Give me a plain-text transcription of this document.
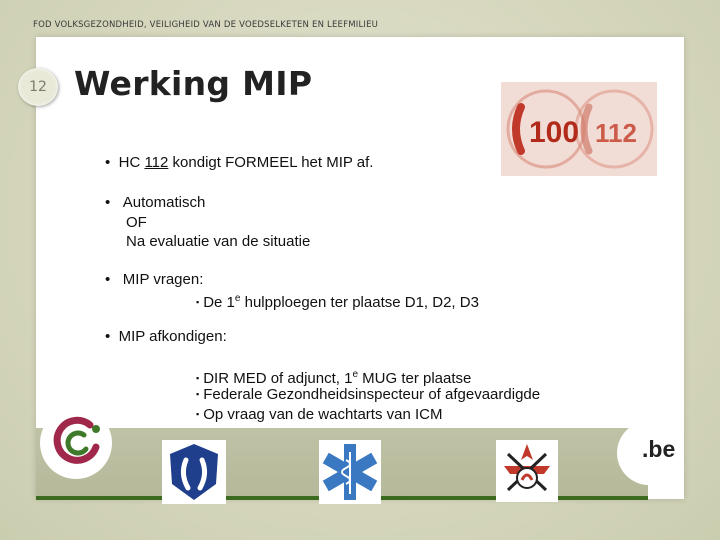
FOD VOLKSGEZONDHEID, VEILIGHEID VAN DE VOEDSELKETEN EN LEEFMILIEU
12 Werking MIP
100 112
• HC 112 kondigt FORMEEL het MIP af.
• Automatisch
OF
Na evaluatie van de situatie
• MIP vragen:
▪ De 1e hulpploegen ter plaatse D1, D2, D3
• MIP afkondigen:
▪ DIR MED of adjunct, 1e MUG ter plaatse
▪ Federale Gezondheidsinspecteur of afgevaardigde
▪ Op vraag van de wachtarts van ICM
.be
